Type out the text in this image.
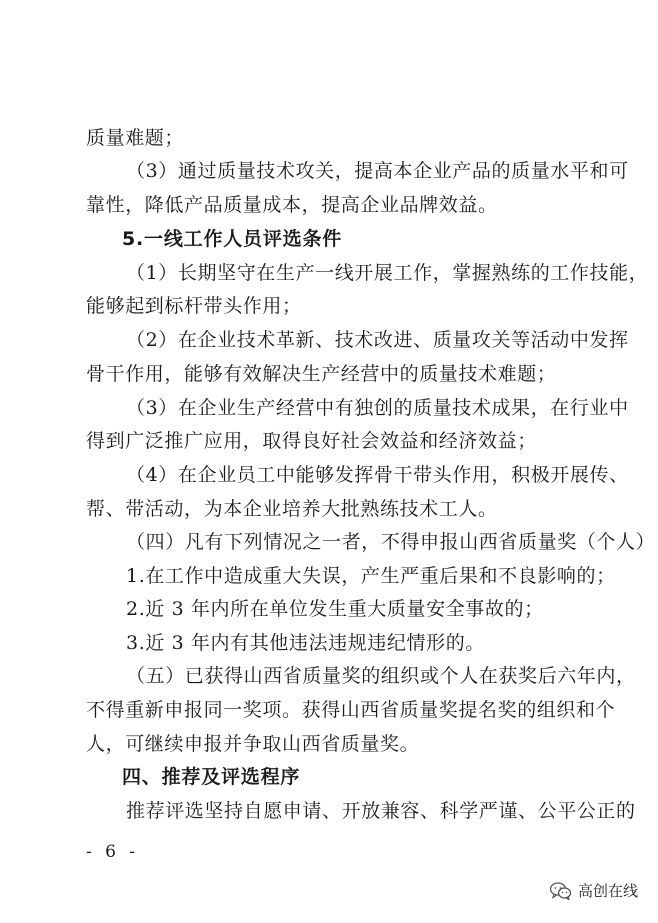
质量难题；
（3）通过质量技术攻关，提高本企业产品的质量水平和可
靠性，降低产品质量成本，提高企业品牌效益。
5.一线工作人员评选条件
（1）长期坚守在生产一线开展工作，掌握熟练的工作技能，
能够起到标杆带头作用；
（2）在企业技术革新、技术改进、质量攻关等活动中发挥
骨干作用，能够有效解决生产经营中的质量技术难题；
（3）在企业生产经营中有独创的质量技术成果，在行业中
得到广泛推广应用，取得良好社会效益和经济效益；
（4）在企业员工中能够发挥骨干带头作用，积极开展传、
帮、带活动，为本企业培养大批熟练技术工人。
（四）凡有下列情况之一者，不得申报山西省质量奖（个人）
1.在工作中造成重大失误，产生严重后果和不良影响的；
2.近 3 年内所在单位发生重大质量安全事故的；
3.近 3 年内有其他违法违规违纪情形的。
（五）已获得山西省质量奖的组织或个人在获奖后六年内，
不得重新申报同一奖项。获得山西省质量奖提名奖的组织和个
人，可继续申报并争取山西省质量奖。
四、推荐及评选程序
推荐评选坚持自愿申请、开放兼容、科学严谨、公平公正的
- 6 -
高创在线
